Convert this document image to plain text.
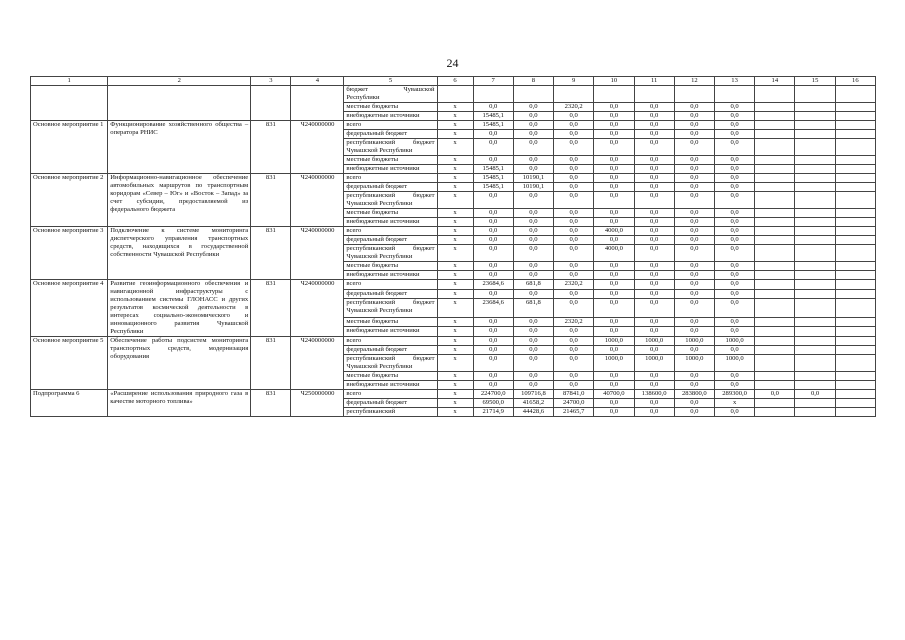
24
1	2	3	4	5	6	7	8	9	10	11	12	13	14	15	16
				бюджет Чувашской Республики											
				местные бюджеты	х	0,0	0,0	2320,2	0,0	0,0	0,0	0,0			
				внебюджетные источники	х	15485,1	0,0	0,0	0,0	0,0	0,0	0,0			
Основное мероприятие 1	Функционирование хозяйственного общества – оператора РНИС	831	Ч240000000	всего	х	15485,1	0,0	0,0	0,0	0,0	0,0	0,0			
				федеральный бюджет	х	0,0	0,0	0,0	0,0	0,0	0,0	0,0			
				республиканский бюджет Чувашской Республики	х	0,0	0,0	0,0	0,0	0,0	0,0	0,0			
				местные бюджеты	х	0,0	0,0	0,0	0,0	0,0	0,0	0,0			
				внебюджетные источники	х	15485,1	0,0	0,0	0,0	0,0	0,0	0,0			
Основное мероприятие 2	Информационно-навигационное обеспечение автомобильных маршрутов по транспортным коридорам «Север – Юг» и «Восток – Запад» за счет субсидии, предоставляемой из федерального бюджета	831	Ч240000000	всего	х	15485,1	10190,1	0,0	0,0	0,0	0,0	0,0			
				федеральный бюджет	х	15485,1	10190,1	0,0	0,0	0,0	0,0	0,0			
				республиканский бюджет Чувашской Республики	х	0,0	0,0	0,0	0,0	0,0	0,0	0,0			
				местные бюджеты	х	0,0	0,0	0,0	0,0	0,0	0,0	0,0			
				внебюджетные источники	х	0,0	0,0	0,0	0,0	0,0	0,0	0,0			
Основное мероприятие 3	Подключение к системе мониторинга диспетчерского управления транспортных средств, находящихся в государственной собственности Чувашской Республики	831	Ч240000000	всего	х	0,0	0,0	0,0	4000,0	0,0	0,0	0,0			
				федеральный бюджет	х	0,0	0,0	0,0	0,0	0,0	0,0	0,0			
				республиканский бюджет Чувашской Республики	х	0,0	0,0	0,0	4000,0	0,0	0,0	0,0			
				местные бюджеты	х	0,0	0,0	0,0	0,0	0,0	0,0	0,0			
				внебюджетные источники	х	0,0	0,0	0,0	0,0	0,0	0,0	0,0			
Основное мероприятие 4	Развитие геоинформационного обеспечения и навигационной инфраструктуры с использованием системы ГЛОНАСС и других результатов космической деятельности в интересах социально-экономического и инновационного развития Чувашской Республики	831	Ч240000000	всего	х	23684,6	681,8	2320,2	0,0	0,0	0,0	0,0			
				федеральный бюджет	х	0,0	0,0	0,0	0,0	0,0	0,0	0,0			
				республиканский бюджет Чувашской Республики	х	23684,6	681,8	0,0	0,0	0,0	0,0	0,0			
				местные бюджеты	х	0,0	0,0	2320,2	0,0	0,0	0,0	0,0			
				внебюджетные источники	х	0,0	0,0	0,0	0,0	0,0	0,0	0,0			
Основное мероприятие 5	Обеспечение работы подсистем мониторинга транспортных средств, модернизация оборудования	831	Ч240000000	всего	х	0,0	0,0	0,0	1000,0	1000,0	1000,0	1000,0			
				федеральный бюджет	х	0,0	0,0	0,0	0,0	0,0	0,0	0,0			
				республиканский бюджет Чувашской Республики	х	0,0	0,0	0,0	1000,0	1000,0	1000,0	1000,0			
				местные бюджеты	х	0,0	0,0	0,0	0,0	0,0	0,0	0,0			
				внебюджетные источники	х	0,0	0,0	0,0	0,0	0,0	0,0	0,0			
Подпрограмма 6	«Расширение использования природного газа в качестве моторного топлива»	831	Ч250000000	всего	х	224700,0	109716,8	87841,0	40700,0	138600,0	283800,0	289300,0	0,0	0,0	
				федеральный бюджет	х	69500,0	41658,2	24700,0	0,0	0,0	0,0	х			
				республиканский	х	21714,9	44428,6	21465,7	0,0	0,0	0,0	0,0			
